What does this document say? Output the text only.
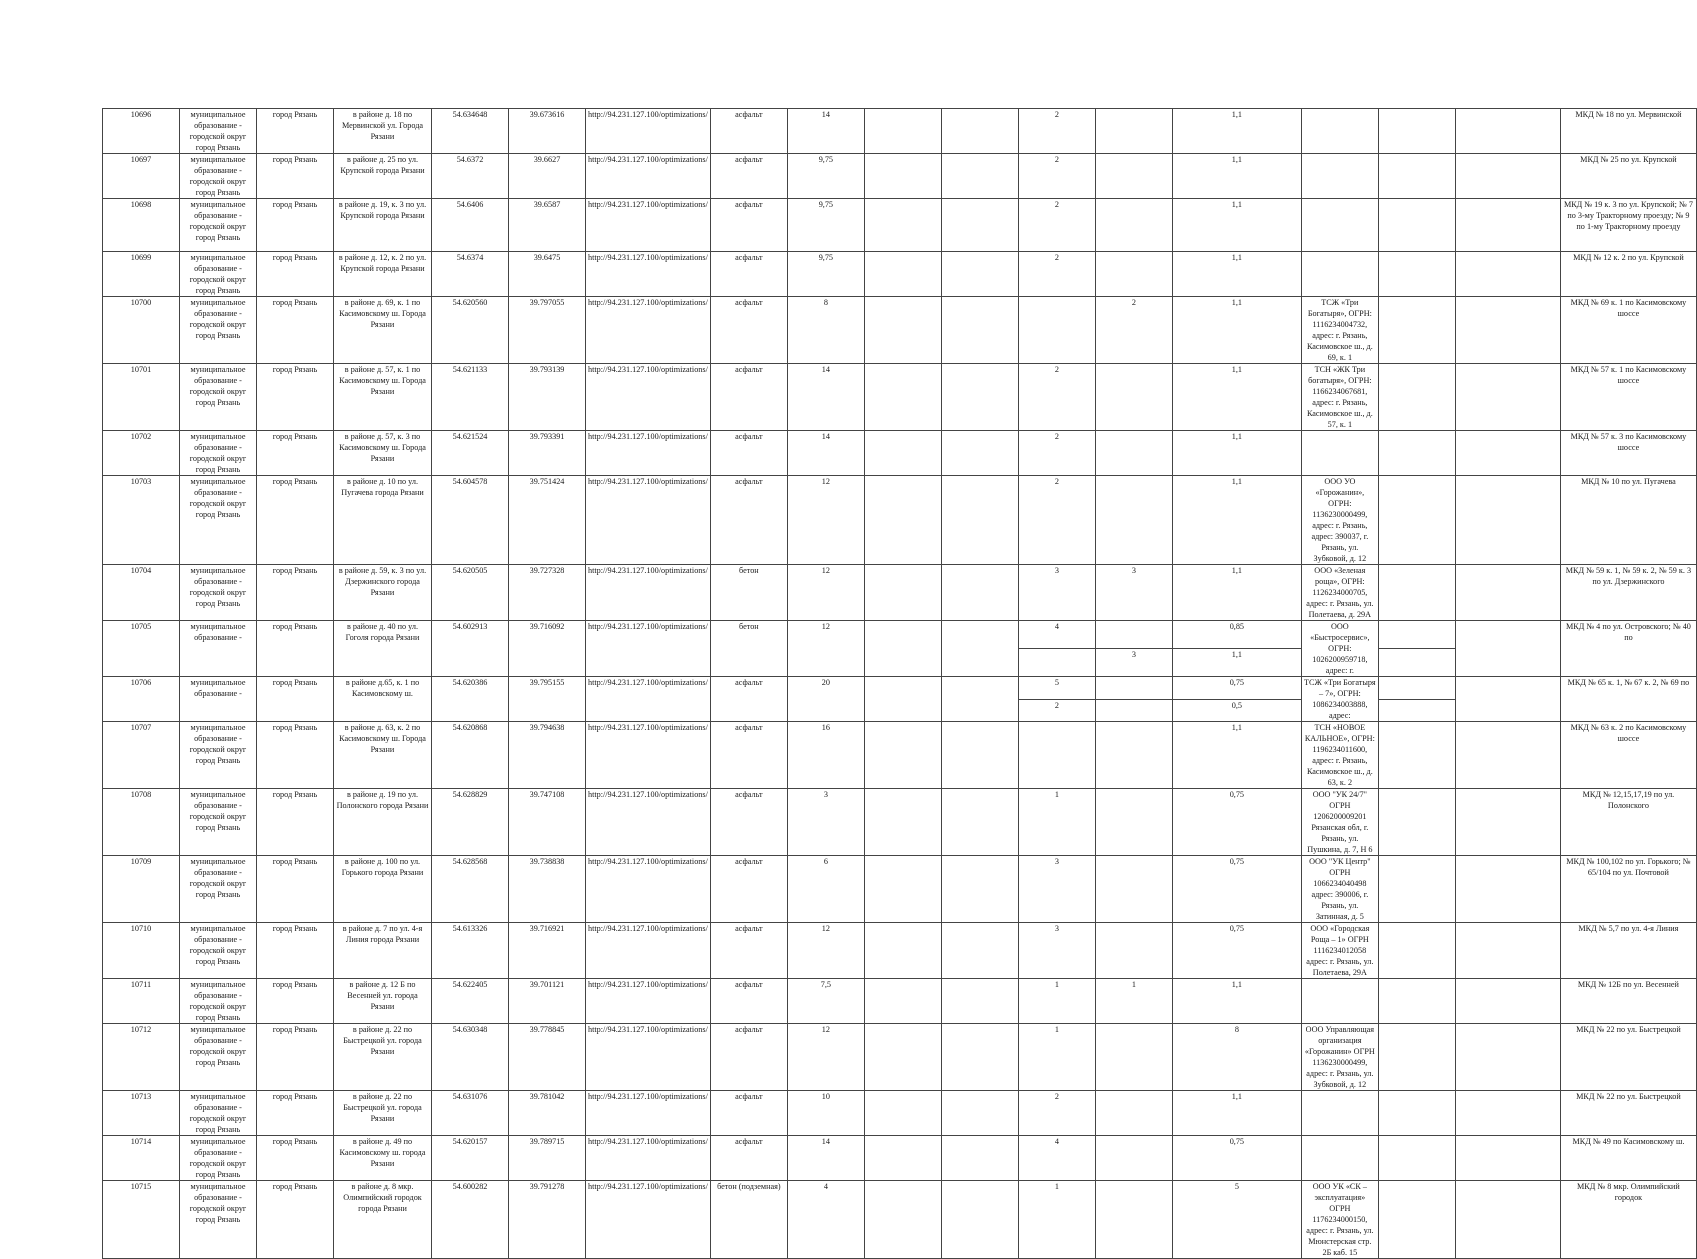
10696	муниципальное образование - городской округ город Рязань	город Рязань	в районе д. 18 по Мервинской ул. Города Рязани	54.634648	39.673616	http://94.231.127.100/optimizations/	асфальт	14			2		1,1				МКД № 18 по ул. Мервинской
10697	муниципальное образование - городской округ город Рязань	город Рязань	в районе д. 25 по ул. Крупской города Рязани	54.6372	39.6627	http://94.231.127.100/optimizations/	асфальт	9,75			2		1,1				МКД № 25 по ул. Крупской
10698	муниципальное образование - городской округ город Рязань	город Рязань	в районе д. 19, к. 3 по ул. Крупской города Рязани	54.6406	39.6587	http://94.231.127.100/optimizations/	асфальт	9,75			2		1,1				МКД № 19 к. 3 по ул. Крупской; № 7 по 3-му Тракторному проезду; № 9 по 1-му Тракторному проезду
10699	муниципальное образование - городской округ город Рязань	город Рязань	в районе д. 12, к. 2 по ул. Крупской города Рязани	54.6374	39.6475	http://94.231.127.100/optimizations/	асфальт	9,75			2		1,1				МКД № 12 к. 2 по ул. Крупской
10700	муниципальное образование - городской округ город Рязань	город Рязань	в районе д. 69, к. 1 по Касимовскому ш. Города Рязани	54.620560	39.797055	http://94.231.127.100/optimizations/	асфальт	8				2	1,1	ТСЖ «Три Богатыря», ОГРН: 1116234004732, адрес: г. Рязань, Касимовское ш., д. 69, к. 1			МКД № 69 к. 1 по Касимовскому шоссе
10701	муниципальное образование - городской округ город Рязань	город Рязань	в районе д. 57, к. 1 по Касимовскому ш. Города Рязани	54.621133	39.793139	http://94.231.127.100/optimizations/	асфальт	14			2		1,1	ТСН «ЖК Три богатыря», ОГРН: 1166234067681, адрес: г. Рязань, Касимовское ш., д. 57, к. 1			МКД № 57 к. 1 по Касимовскому шоссе
10702	муниципальное образование - городской округ город Рязань	город Рязань	в районе д. 57, к. 3 по Касимовскому ш. Города Рязани	54.621524	39.793391	http://94.231.127.100/optimizations/	асфальт	14			2		1,1				МКД № 57 к. 3 по Касимовскому шоссе
10703	муниципальное образование - городской округ город Рязань	город Рязань	в районе д. 10 по ул. Пугачева города Рязани	54.604578	39.751424	http://94.231.127.100/optimizations/	асфальт	12			2		1,1	ООО УО «Горожанин», ОГРН: 1136230000499, адрес: г. Рязань, адрес: 390037, г. Рязань, ул. Зубковой, д. 12			МКД № 10 по ул. Пугачева
10704	муниципальное образование - городской округ город Рязань	город Рязань	в районе д. 59, к. 3 по ул. Дзержинского города Рязани	54.620505	39.727328	http://94.231.127.100/optimizations/	бетон	12			3	3	1,1	ООО «Зеленая роща», ОГРН: 1126234000705, адрес: г. Рязань, ул. Полетаева, д. 29А			МКД № 59 к. 1, № 59 к. 2, № 59 к. 3 по ул. Дзержинского
10705	муниципальное образование -	город Рязань	в районе д. 40 по ул. Гоголя города Рязани	54.602913	39.716092	http://94.231.127.100/optimizations/	бетон	12			4		0,85	ООО «Быстросервис», ОГРН: 1026200959718, адрес: г.			МКД № 4 по ул. Островского; № 40 по
												3	1,1				
10706	муниципальное образование -	город Рязань	в районе д.65, к. 1 по Касимовскому ш.	54.620386	39.795155	http://94.231.127.100/optimizations/	асфальт	20			5		0,75	ТСЖ «Три Богатыря – 7», ОГРН: 1086234003888, адрес:			МКД № 65 к. 1, № 67 к. 2, № 69 по
											2		0,5				
10707	муниципальное образование - городской округ город Рязань	город Рязань	в районе д. 63, к. 2 по Касимовскому ш. Города Рязани	54.620868	39.794638	http://94.231.127.100/optimizations/	асфальт	16					1,1	ТСН «НОВОЕ КАЛЬНОЕ», ОГРН: 1196234011600, адрес: г. Рязань, Касимовское ш., д. 63, к. 2			МКД № 63 к. 2 по Касимовскому шоссе
10708	муниципальное образование - городской округ город Рязань	город Рязань	в районе д. 19 по ул. Полонского города Рязани	54.628829	39.747108	http://94.231.127.100/optimizations/	асфальт	3			1		0,75	ООО "УК 24/7" ОГРН 1206200009201 Рязанская обл, г. Рязань, ул. Пушкина, д. 7, Н 6			МКД № 12,15,17,19 по ул. Полонского
10709	муниципальное образование - городской округ город Рязань	город Рязань	в районе д. 100 по ул. Горького города Рязани	54.628568	39.738838	http://94.231.127.100/optimizations/	асфальт	6			3		0,75	ООО "УК Центр" ОГРН 1066234040498 адрес: 390006, г. Рязань, ул. Затинная, д. 5			МКД № 100,102 по ул. Горького; № 65/104 по ул. Почтовой
10710	муниципальное образование - городской округ город Рязань	город Рязань	в районе д. 7 по ул. 4-я Линия города Рязани	54.613326	39.716921	http://94.231.127.100/optimizations/	асфальт	12			3		0,75	ООО «Городская Роща – 1» ОГРН 1116234012058 адрес: г. Рязань, ул. Полетаева, 29А			МКД № 5,7 по ул. 4-я Линия
10711	муниципальное образование - городской округ город Рязань	город Рязань	в районе д. 12 Б по Весенней ул. города Рязани	54.622405	39.701121	http://94.231.127.100/optimizations/	асфальт	7,5			1	1	1,1				МКД № 12Б по ул. Весенней
10712	муниципальное образование - городской округ город Рязань	город Рязань	в районе д. 22 по Быстрецкой ул. города Рязани	54.630348	39.778845	http://94.231.127.100/optimizations/	асфальт	12			1		8	ООО Управляющая организация «Горожанин» ОГРН 1136230000499, адрес: г. Рязань, ул. Зубковой, д. 12			МКД № 22 по ул. Быстрецкой
10713	муниципальное образование - городской округ город Рязань	город Рязань	в районе д. 22 по Быстрецкой ул. города Рязани	54.631076	39.781042	http://94.231.127.100/optimizations/	асфальт	10			2		1,1				МКД № 22 по ул. Быстрецкой
10714	муниципальное образование - городской округ город Рязань	город Рязань	в районе д. 49 по Касимовскому ш. города Рязани	54.620157	39.789715	http://94.231.127.100/optimizations/	асфальт	14			4		0,75				МКД № 49 по Касимовскому ш.
10715	муниципальное образование - городской округ город Рязань	город Рязань	в районе д. 8 мкр. Олимпийский городок города Рязани	54.600282	39.791278	http://94.231.127.100/optimizations/	бетон (подземная)	4			1		5	ООО УК «СК – эксплуатация» ОГРН 1176234000150, адрес: г. Рязань, ул. Мюнстерская стр. 2Б каб. 15			МКД № 8 мкр. Олимпийский городок
